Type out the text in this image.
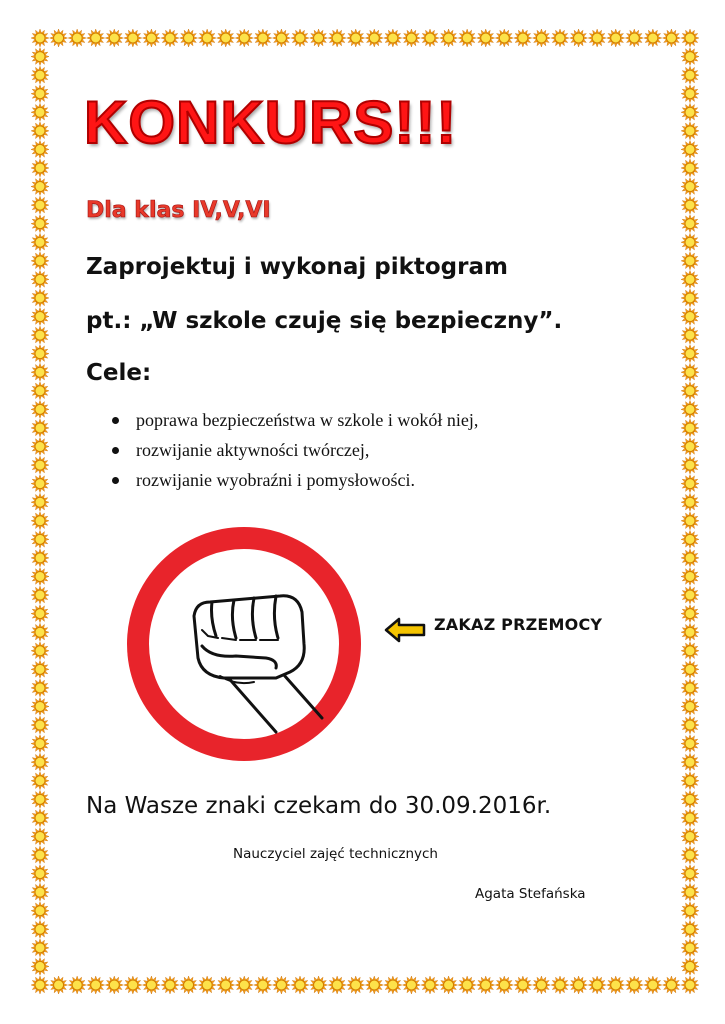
KONKURS!!!
Dla klas IV,V,VI
Zaprojektuj i wykonaj piktogram
pt.: „W szkole czuję się bezpieczny”.
Cele:
poprawa bezpieczeństwa w szkole i wokół niej,
rozwijanie aktywności twórczej,
rozwijanie wyobraźni i pomysłowości.
ZAKAZ PRZEMOCY
Na Wasze znaki czekam do 30.09.2016r.
Nauczyciel zajęć technicznych
Agata Stefańska
